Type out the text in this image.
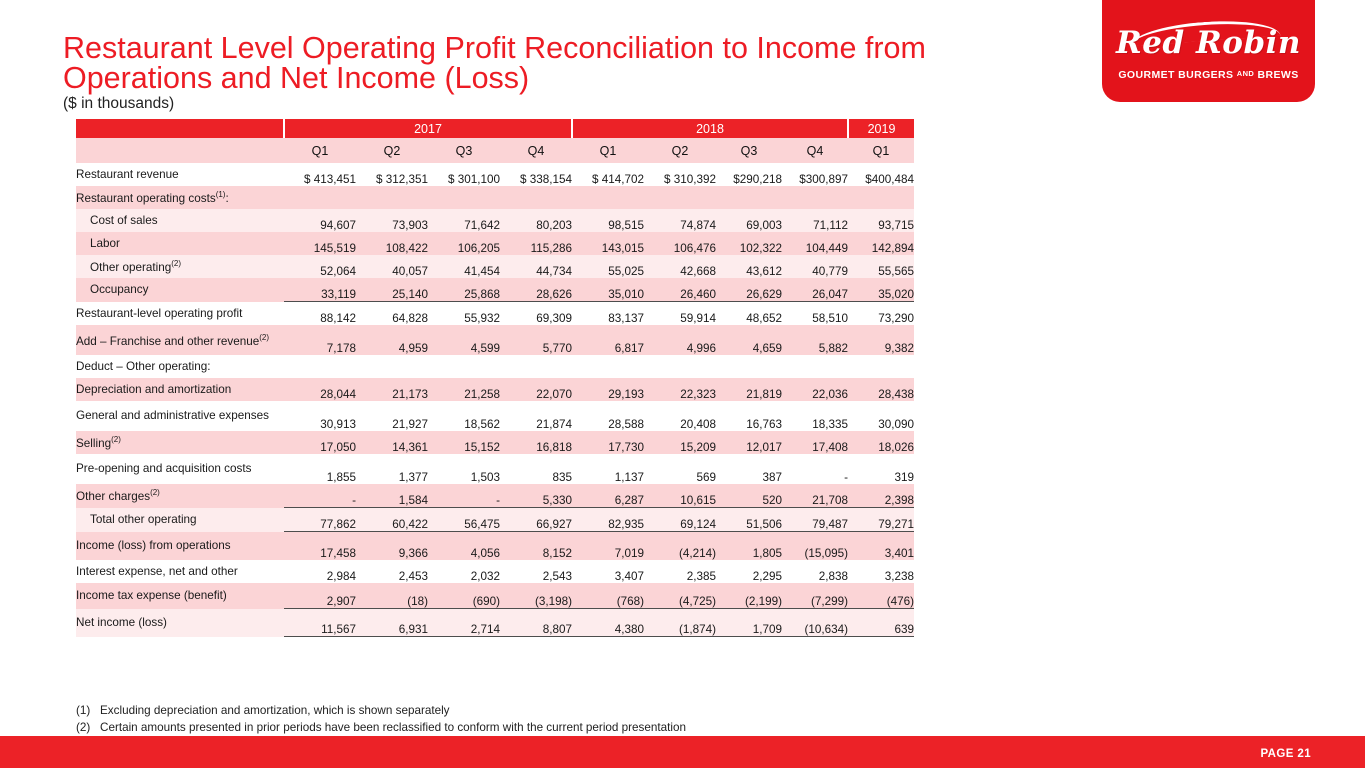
Red Robin
GOURMET BURGERS AND BREWS
Restaurant Level Operating Profit Reconciliation to Income from Operations and Net Income (Loss)
($ in thousands)
	2017				2018				2019
	Q1	Q2	Q3	Q4	Q1	Q2	Q3	Q4	Q1
Restaurant revenue	$ 413,451	$ 312,351	$ 301,100	$ 338,154	$ 414,702	$ 310,392	$290,218	$300,897	$400,484
Restaurant operating costs$^{(1)}$:									
Cost of sales	94,607	73,903	71,642	80,203	98,515	74,874	69,003	71,112	93,715
Labor	145,519	108,422	106,205	115,286	143,015	106,476	102,322	104,449	142,894
Other operating$^{(2)}$	52,064	40,057	41,454	44,734	55,025	42,668	43,612	40,779	55,565
Occupancy	33,119	25,140	25,868	28,626	35,010	26,460	26,629	26,047	35,020
Restaurant-level operating profit	88,142	64,828	55,932	69,309	83,137	59,914	48,652	58,510	73,290
Add – Franchise and other revenue$^{(2)}$	7,178	4,959	4,599	5,770	6,817	4,996	4,659	5,882	9,382
Deduct – Other operating:									
Depreciation and amortization	28,044	21,173	21,258	22,070	29,193	22,323	21,819	22,036	28,438
General and administrative expenses	30,913	21,927	18,562	21,874	28,588	20,408	16,763	18,335	30,090
Selling$^{(2)}$	17,050	14,361	15,152	16,818	17,730	15,209	12,017	17,408	18,026
Pre-opening and acquisition costs	1,855	1,377	1,503	835	1,137	569	387	-	319
Other charges$^{(2)}$	-	1,584	-	5,330	6,287	10,615	520	21,708	2,398
Total other operating	77,862	60,422	56,475	66,927	82,935	69,124	51,506	79,487	79,271
Income (loss) from operations	17,458	9,366	4,056	8,152	7,019	(4,214)	1,805	(15,095)	3,401
Interest expense, net and other	2,984	2,453	2,032	2,543	3,407	2,385	2,295	2,838	3,238
Income tax expense (benefit)	2,907	(18)	(690)	(3,198)	(768)	(4,725)	(2,199)	(7,299)	(476)
Net income (loss)	11,567	6,931	2,714	8,807	4,380	(1,874)	1,709	(10,634)	639
(1) Excluding depreciation and amortization, which is shown separately
(2) Certain amounts presented in prior periods have been reclassified to conform with the current period presentation
PAGE 21
